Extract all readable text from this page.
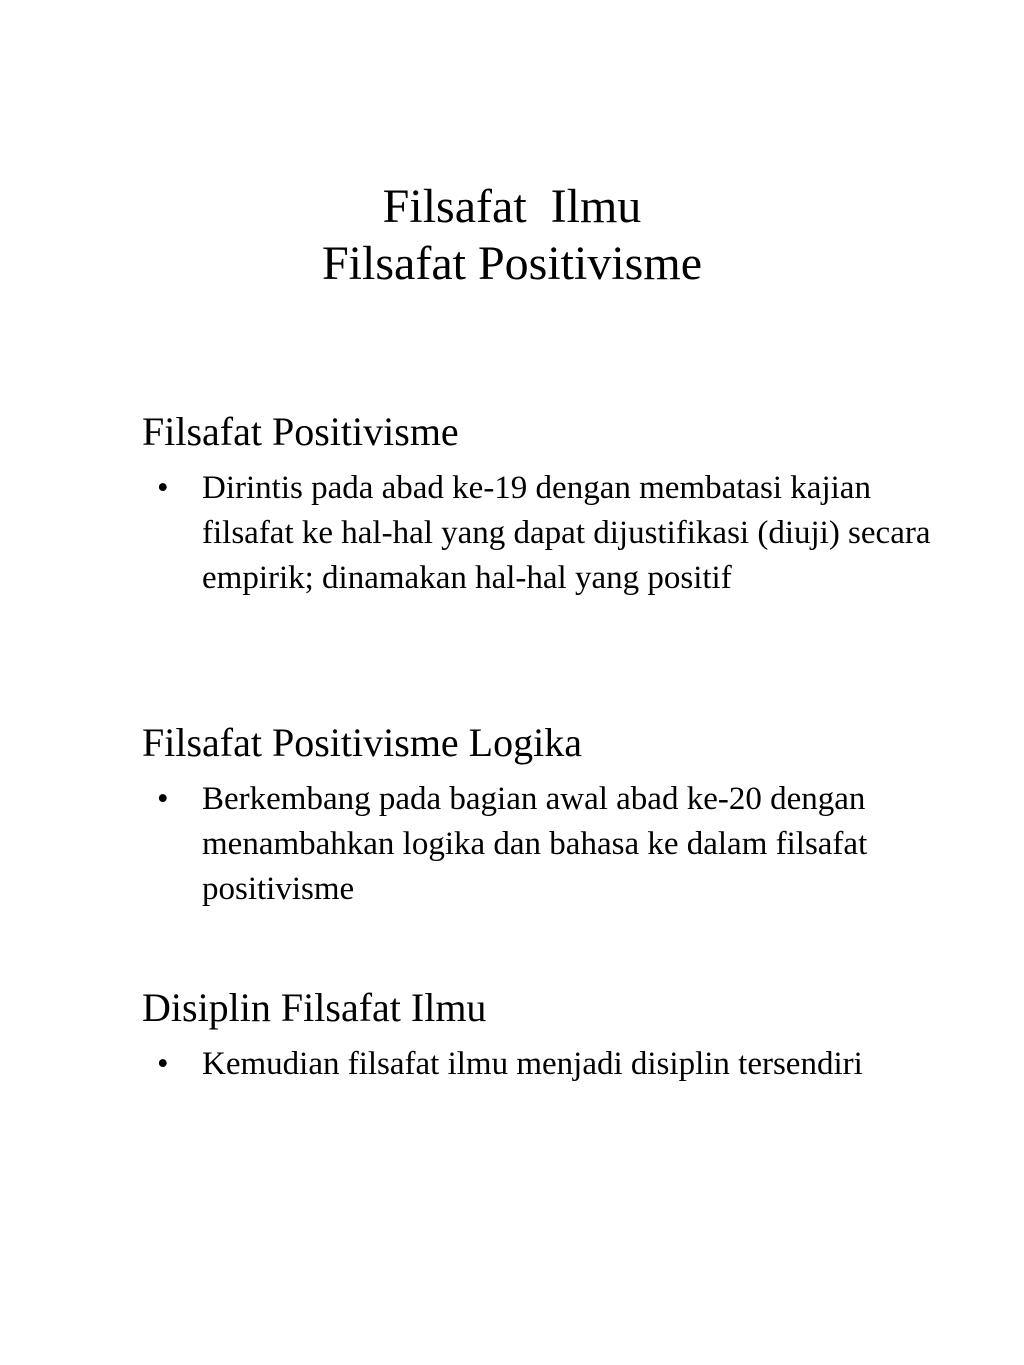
Filsafat  Ilmu
Filsafat Positivisme
Filsafat Positivisme
• Dirintis pada abad ke-19 dengan membatasi kajian filsafat ke hal-hal yang dapat dijustifikasi (diuji) secara empirik; dinamakan hal-hal yang positif
Filsafat Positivisme Logika
• Berkembang pada bagian awal abad ke-20 dengan menambahkan logika dan bahasa ke dalam filsafat positivisme
Disiplin Filsafat Ilmu
• Kemudian filsafat ilmu menjadi disiplin tersendiri
